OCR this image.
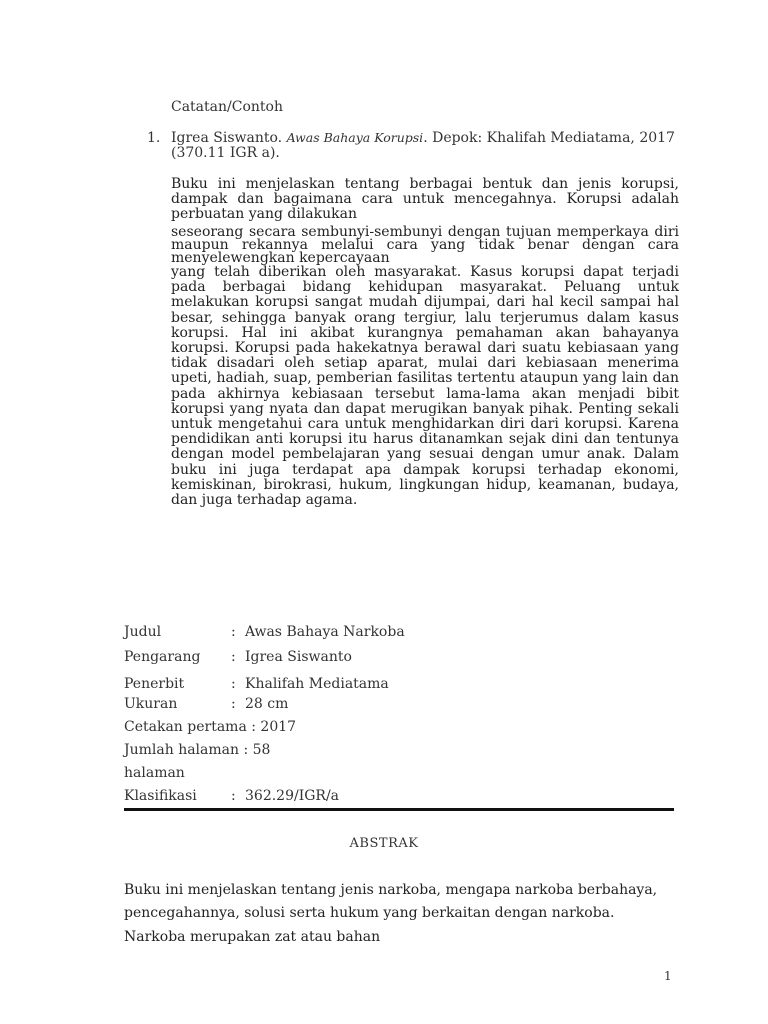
Catatan/Contoh
1. Igrea Siswanto. Awas Bahaya Korupsi. Depok: Khalifah Mediatama, 2017
(370.11 IGR a).
Buku ini menjelaskan tentang berbagai bentuk dan jenis korupsi, dampak dan bagaimana cara untuk mencegahnya. Korupsi adalah perbuatan yang dilakukan
seseorang secara sembunyi-sembunyi dengan tujuan memperkaya diri maupun rekannya melalui cara yang tidak benar dengan cara menyelewengkan kepercayaan
yang telah diberikan oleh masyarakat. Kasus korupsi dapat terjadi pada berbagai bidang kehidupan masyarakat. Peluang untuk melakukan korupsi sangat mudah dijumpai, dari hal kecil sampai hal besar, sehingga banyak orang tergiur, lalu terjerumus dalam kasus korupsi. Hal ini akibat kurangnya pemahaman akan bahayanya korupsi. Korupsi pada hakekatnya berawal dari suatu kebiasaan yang tidak disadari oleh setiap aparat, mulai dari kebiasaan menerima upeti, hadiah, suap, pemberian fasilitas tertentu ataupun yang lain dan pada akhirnya kebiasaan tersebut lama-lama akan menjadi bibit korupsi yang nyata dan dapat merugikan banyak pihak. Penting sekali untuk mengetahui cara untuk menghidarkan diri dari korupsi. Karena pendidikan anti korupsi itu harus ditanamkan sejak dini dan tentunya dengan model pembelajaran yang sesuai dengan umur anak. Dalam buku ini juga terdapat apa dampak korupsi terhadap ekonomi, kemiskinan, birokrasi, hukum, lingkungan hidup, keamanan, budaya, dan juga terhadap agama.
Judul	: Awas Bahaya Narkoba
Pengarang : Igrea Siswanto
Penerbit	: Khalifah Mediatama
Ukuran	: 28 cm
Cetakan pertama : 2017
Jumlah halaman : 58
halaman
Klasifikasi : 362.29/IGR/a
ABSTRAK
Buku ini menjelaskan tentang jenis narkoba, mengapa narkoba berbahaya,
pencegahannya, solusi serta hukum yang berkaitan dengan narkoba.
Narkoba merupakan zat atau bahan
1
